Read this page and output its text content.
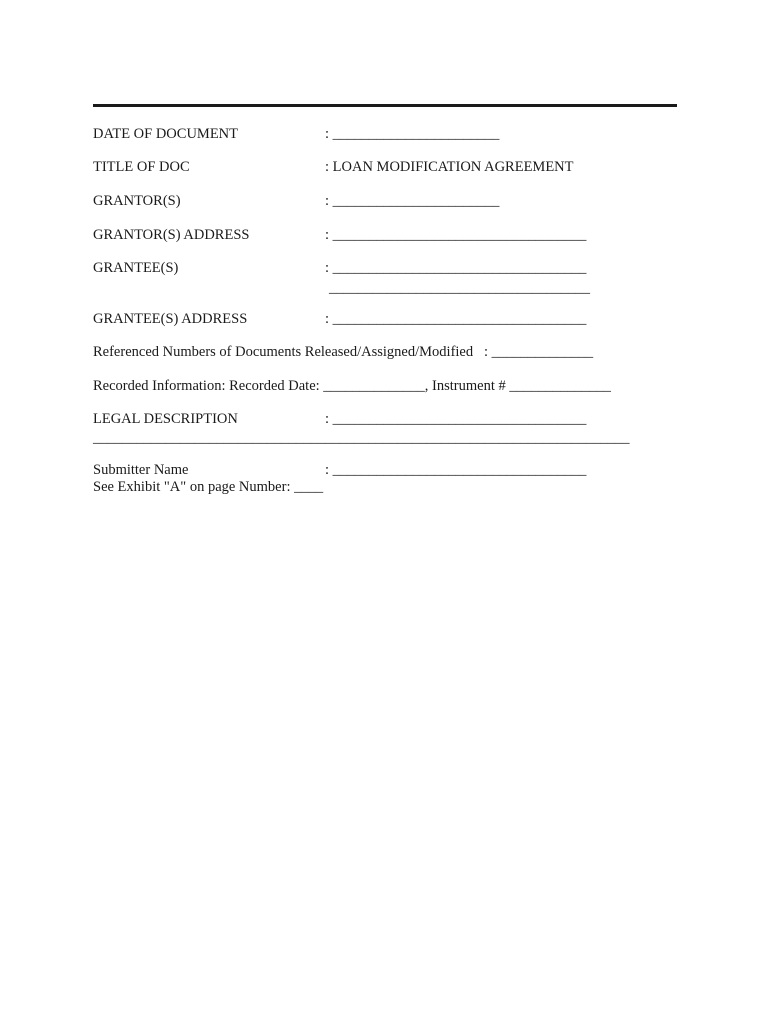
DATE OF DOCUMENT	: _______________________
TITLE OF DOC	: LOAN MODIFICATION AGREEMENT
GRANTOR(S)	: _______________________
GRANTOR(S) ADDRESS	: ___________________________________
GRANTEE(S)	: ___________________________________
____________________________________
GRANTEE(S) ADDRESS	: ___________________________________
Referenced Numbers of Documents Released/Assigned/Modified   : ______________
Recorded Information: Recorded Date: ______________, Instrument # ______________
LEGAL DESCRIPTION	: ___________________________________
__________________________________________________________________________
Submitter Name	: ___________________________________
See Exhibit "A" on page Number: ____
